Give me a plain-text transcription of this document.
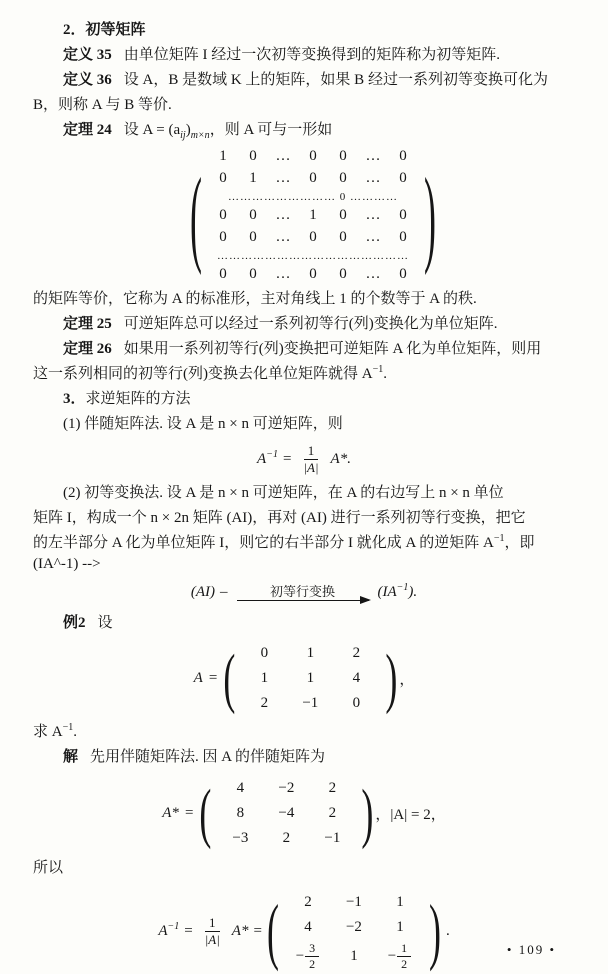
2．初等矩阵
定义 35 由单位矩阵 I 经过一次初等变换得到的矩阵称为初等矩阵.
定义 36 设 A，B 是数域 K 上的矩阵，如果 B 经过一系列初等变换可化为
B，则称 A 与 B 等价.
定理 24 设 $A = (a_{ij})_{m\times n}$，则 A 可与一形如
(	1	0	…	0	0	…	0
0	1	…	0	0	…	0
……………………… 0 …………
0	0	…	1	0	…	0
0	0	…	0	0	…	0
…………………………………………
0	0	…	0	0	…	0 )
的矩阵等价，它称为 A 的标准形，主对角线上 1 的个数等于 A 的秩.
定理 25 可逆矩阵总可以经过一系列初等行(列)变换化为单位矩阵.
定理 26 如果用一系列初等行(列)变换把可逆矩阵 A 化为单位矩阵，则用
这一系列相同的初等行(列)变换去化单位矩阵就得 $A^{-1}$.
3．求逆矩阵的方法
(1) 伴随矩阵法. 设 A 是 n × n 可逆矩阵，则
$A^{-1} = \frac{1}{|A|} A*$.
(2) 初等变换法. 设 A 是 n × n 可逆矩阵，在 A 的右边写上 n × n 单位
矩阵 I，构成一个 n × 2n 矩阵 (AI)，再对 (AI) 进行一系列初等行变换，把它
的左半部分 A 化为单位矩阵 I，则它的右半部分 I 就化成 A 的逆矩阵 $A^{-1}$，即
(IA^-1) -->
(AI) –	初等行变换	$(IA^{-1})$.
例2 设
A = (	0	1	2
1	1	4
2	−1	0 ) ，
求 $A^{-1}$.
解 先用伴随矩阵法. 因 A 的伴随矩阵为
A* = (	4	−2	2
8	−4	2
−3	2	−1 ) ，|A| = 2，
所以
$A^{-1} = \frac{1}{|A|} A*$ = (	2	−1	1
4	−2	1
− $\frac{3}{2}$	1	− $\frac{1}{2}$ ) .
• 109 •
